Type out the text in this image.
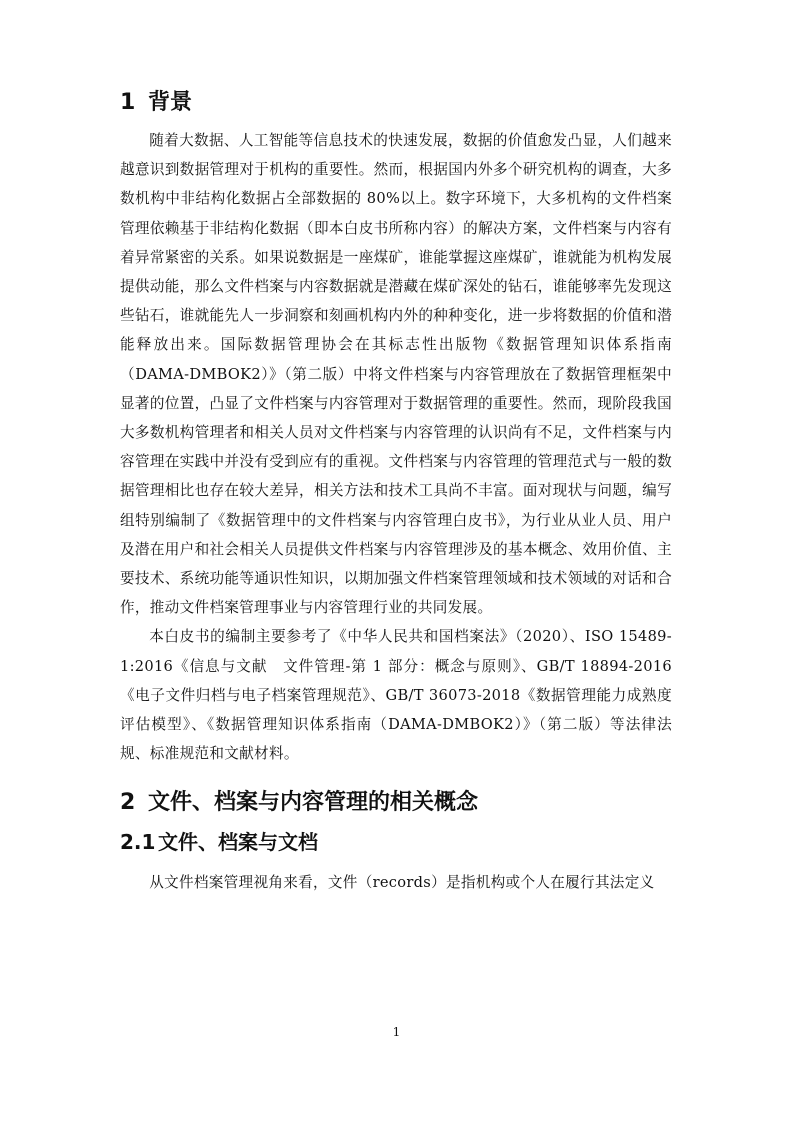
1 背景

随着大数据、人工智能等信息技术的快速发展，数据的价值愈发凸显，人们越来越意识到数据管理对于机构的重要性。然而，根据国内外多个研究机构的调查，大多数机构中非结构化数据占全部数据的 80%以上。数字环境下，大多机构的文件档案管理依赖基于非结构化数据（即本白皮书所称内容）的解决方案，文件档案与内容有着异常紧密的关系。如果说数据是一座煤矿，谁能掌握这座煤矿，谁就能为机构发展提供动能，那么文件档案与内容数据就是潜藏在煤矿深处的钻石，谁能够率先发现这些钻石，谁就能先人一步洞察和刻画机构内外的种种变化，进一步将数据的价值和潜能释放出来。国际数据管理协会在其标志性出版物《数据管理知识体系指南（DAMA-DMBOK2）》（第二版）中将文件档案与内容管理放在了数据管理框架中显著的位置，凸显了文件档案与内容管理对于数据管理的重要性。然而，现阶段我国大多数机构管理者和相关人员对文件档案与内容管理的认识尚有不足，文件档案与内容管理在实践中并没有受到应有的重视。文件档案与内容管理的管理范式与一般的数据管理相比也存在较大差异，相关方法和技术工具尚不丰富。面对现状与问题，编写组特别编制了《数据管理中的文件档案与内容管理白皮书》，为行业从业人员、用户及潜在用户和社会相关人员提供文件档案与内容管理涉及的基本概念、效用价值、主要技术、系统功能等通识性知识，以期加强文件档案管理领域和技术领域的对话和合作，推动文件档案管理事业与内容管理行业的共同发展。

本白皮书的编制主要参考了《中华人民共和国档案法》（2020）、ISO 15489-1:2016《信息与文献　文件管理-第 1 部分：概念与原则》、GB/T 18894-2016《电子文件归档与电子档案管理规范》、GB/T 36073-2018《数据管理能力成熟度评估模型》、《数据管理知识体系指南（DAMA-DMBOK2）》（第二版）等法律法规、标准规范和文献材料。

2 文件、档案与内容管理的相关概念
2.1 文件、档案与文档

从文件档案管理视角来看，文件（records）是指机构或个人在履行其法定义

1
